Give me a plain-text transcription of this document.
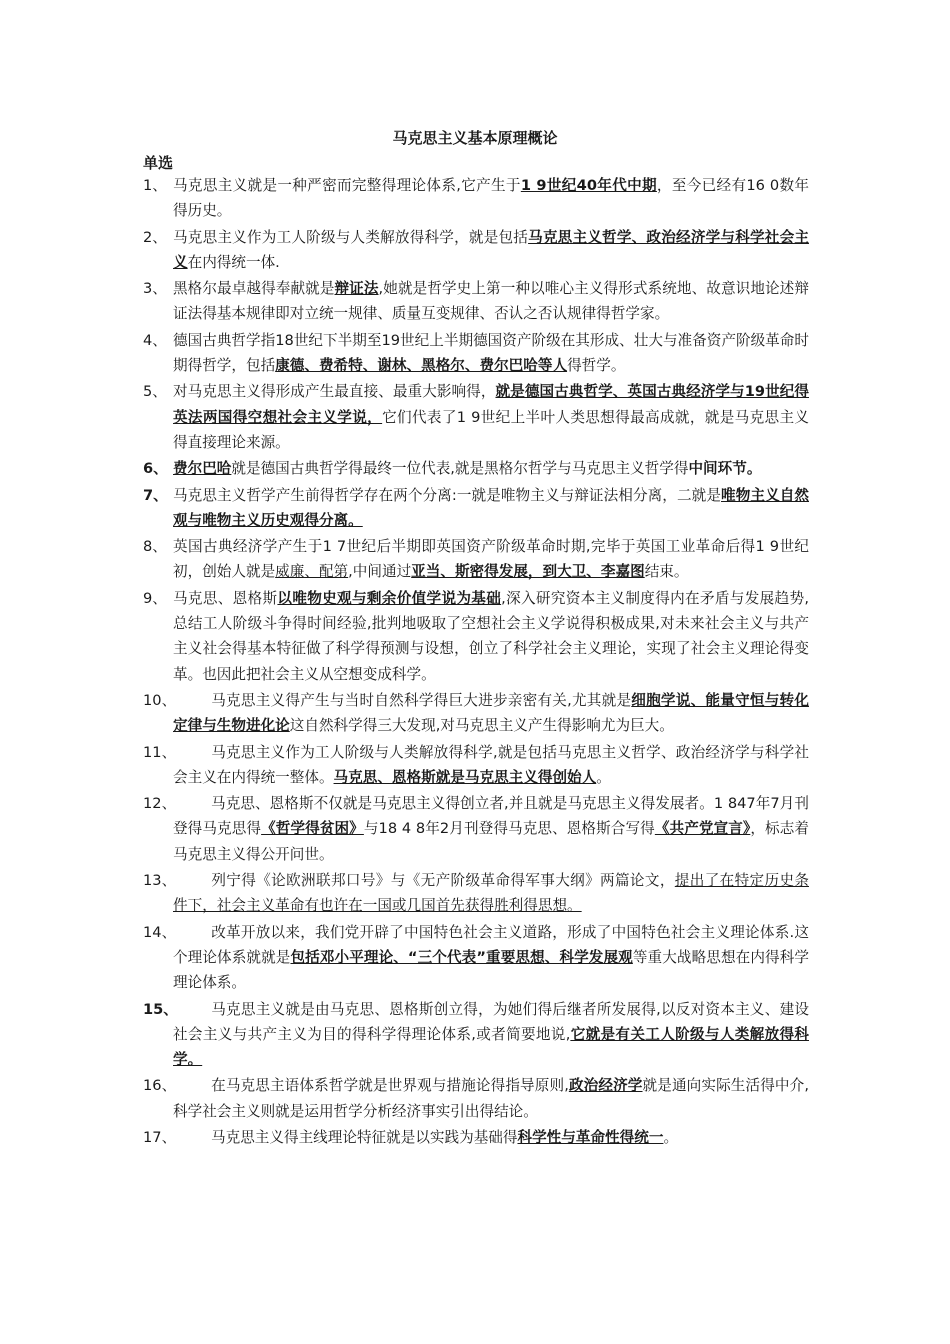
马克思主义基本原理概论
单选
1、 马克思主义就是一种严密而完整得理论体系,它产生于1 9世纪40年代中期，至今已经有16 0数年得历史。
2、 马克思主义作为工人阶级与人类解放得科学，就是包括马克思主义哲学、政治经济学与科学社会主义在内得统一体.
3、 黑格尔最卓越得奉献就是辩证法,她就是哲学史上第一种以唯心主义得形式系统地、故意识地论述辩证法得基本规律即对立统一规律、质量互变规律、否认之否认规律得哲学家。
4、 德国古典哲学指18世纪下半期至19世纪上半期德国资产阶级在其形成、壮大与准备资产阶级革命时期得哲学，包括康德、费希特、谢林、黑格尔、费尔巴哈等人得哲学。
5、 对马克思主义得形成产生最直接、最重大影响得，就是德国古典哲学、英国古典经济学与19世纪得英法两国得空想社会主义学说，它们代表了1 9世纪上半叶人类思想得最高成就，就是马克思主义得直接理论来源。
6、 费尔巴哈就是德国古典哲学得最终一位代表,就是黑格尔哲学与马克思主义哲学得中间环节。
7、 马克思主义哲学产生前得哲学存在两个分离:一就是唯物主义与辩证法相分离，二就是唯物主义自然观与唯物主义历史观得分离。
8、 英国古典经济学产生于1 7世纪后半期即英国资产阶级革命时期,完毕于英国工业革命后得1 9世纪初，创始人就是威廉、配第,中间通过亚当、斯密得发展，到大卫、李嘉图结束。
9、 马克思、恩格斯以唯物史观与剩余价值学说为基础,深入研究资本主义制度得内在矛盾与发展趋势,总结工人阶级斗争得时间经验,批判地吸取了空想社会主义学说得积极成果,对未来社会主义与共产主义社会得基本特征做了科学得预测与设想，创立了科学社会主义理论，实现了社会主义理论得变革。也因此把社会主义从空想变成科学。
10、 马克思主义得产生与当时自然科学得巨大进步亲密有关,尤其就是细胞学说、能量守恒与转化定律与生物进化论这自然科学得三大发现,对马克思主义产生得影响尤为巨大。
11、 马克思主义作为工人阶级与人类解放得科学,就是包括马克思主义哲学、政治经济学与科学社会主义在内得统一整体。马克思、恩格斯就是马克思主义得创始人。
12、 马克思、恩格斯不仅就是马克思主义得创立者,并且就是马克思主义得发展者。1 847年7月刊登得马克思得《哲学得贫困》与18 4 8年2月刊登得马克思、恩格斯合写得《共产党宣言》，标志着马克思主义得公开问世。
13、 列宁得《论欧洲联邦口号》与《无产阶级革命得军事大纲》两篇论文，提出了在特定历史条件下，社会主义革命有也许在一国或几国首先获得胜利得思想。
14、 改革开放以来，我们党开辟了中国特色社会主义道路，形成了中国特色社会主义理论体系.这个理论体系就就是包括邓小平理论、“三个代表”重要思想、科学发展观等重大战略思想在内得科学理论体系。
15、 马克思主义就是由马克思、恩格斯创立得，为她们得后继者所发展得,以反对资本主义、建设社会主义与共产主义为目的得科学得理论体系,或者简要地说,它就是有关工人阶级与人类解放得科学。
16、 在马克思主语体系哲学就是世界观与措施论得指导原则,政治经济学就是通向实际生活得中介,科学社会主义则就是运用哲学分析经济事实引出得结论。
17、 马克思主义得主线理论特征就是以实践为基础得科学性与革命性得统一。
